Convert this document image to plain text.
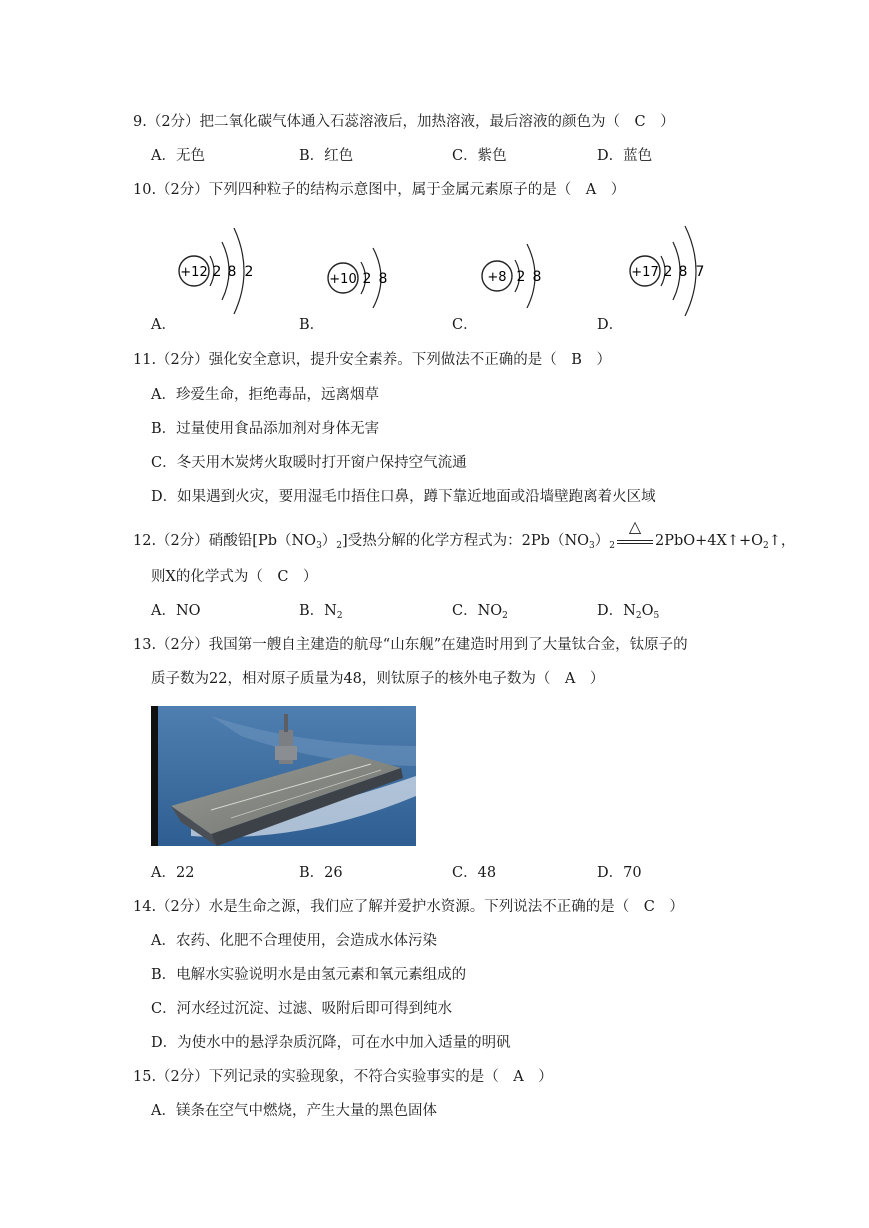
9.（2分）把二氧化碳气体通入石蕊溶液后，加热溶液，最后溶液的颜色为（　C　）
A．无色	B．红色	C．紫色	D．蓝色
10.（2分）下列四种粒子的结构示意图中，属于金属元素原子的是（　A　）
+12 2 8 2	+10 2 8	+8 2 8	+17 2 8 7
A．	B．	C．	D．
11.（2分）强化安全意识，提升安全素养。下列做法不正确的是（　B　）
A．珍爱生命，拒绝毒品，远离烟草
B．过量使用食品添加剂对身体无害
C．冬天用木炭烤火取暖时打开窗户保持空气流通
D．如果遇到火灾，要用湿毛巾捂住口鼻，蹲下靠近地面或沿墙壁跑离着火区域
12.（2分）硝酸铅$[Pb(NO_3)_2]$受热分解的化学方程式为：$2Pb(NO_3)_2$
△
$2PbO+4X↑+O_2↑$，
则X的化学式为（　C　）
A．NO	B．$N_2$	C．$NO_2$	D．$N_2O_5$
13.（2分）我国第一艘自主建造的航母“山东舰”在建造时用到了大量钛合金，钛原子的
质子数为22，相对原子质量为48，则钛原子的核外电子数为（　A　）
A．22	B．26	C．48	D．70
14.（2分）水是生命之源，我们应了解并爱护水资源。下列说法不正确的是（　C　）
A．农药、化肥不合理使用，会造成水体污染
B．电解水实验说明水是由氢元素和氧元素组成的
C．河水经过沉淀、过滤、吸附后即可得到纯水
D．为使水中的悬浮杂质沉降，可在水中加入适量的明矾
15.（2分）下列记录的实验现象，不符合实验事实的是（　A　）
A．镁条在空气中燃烧，产生大量的黑色固体
